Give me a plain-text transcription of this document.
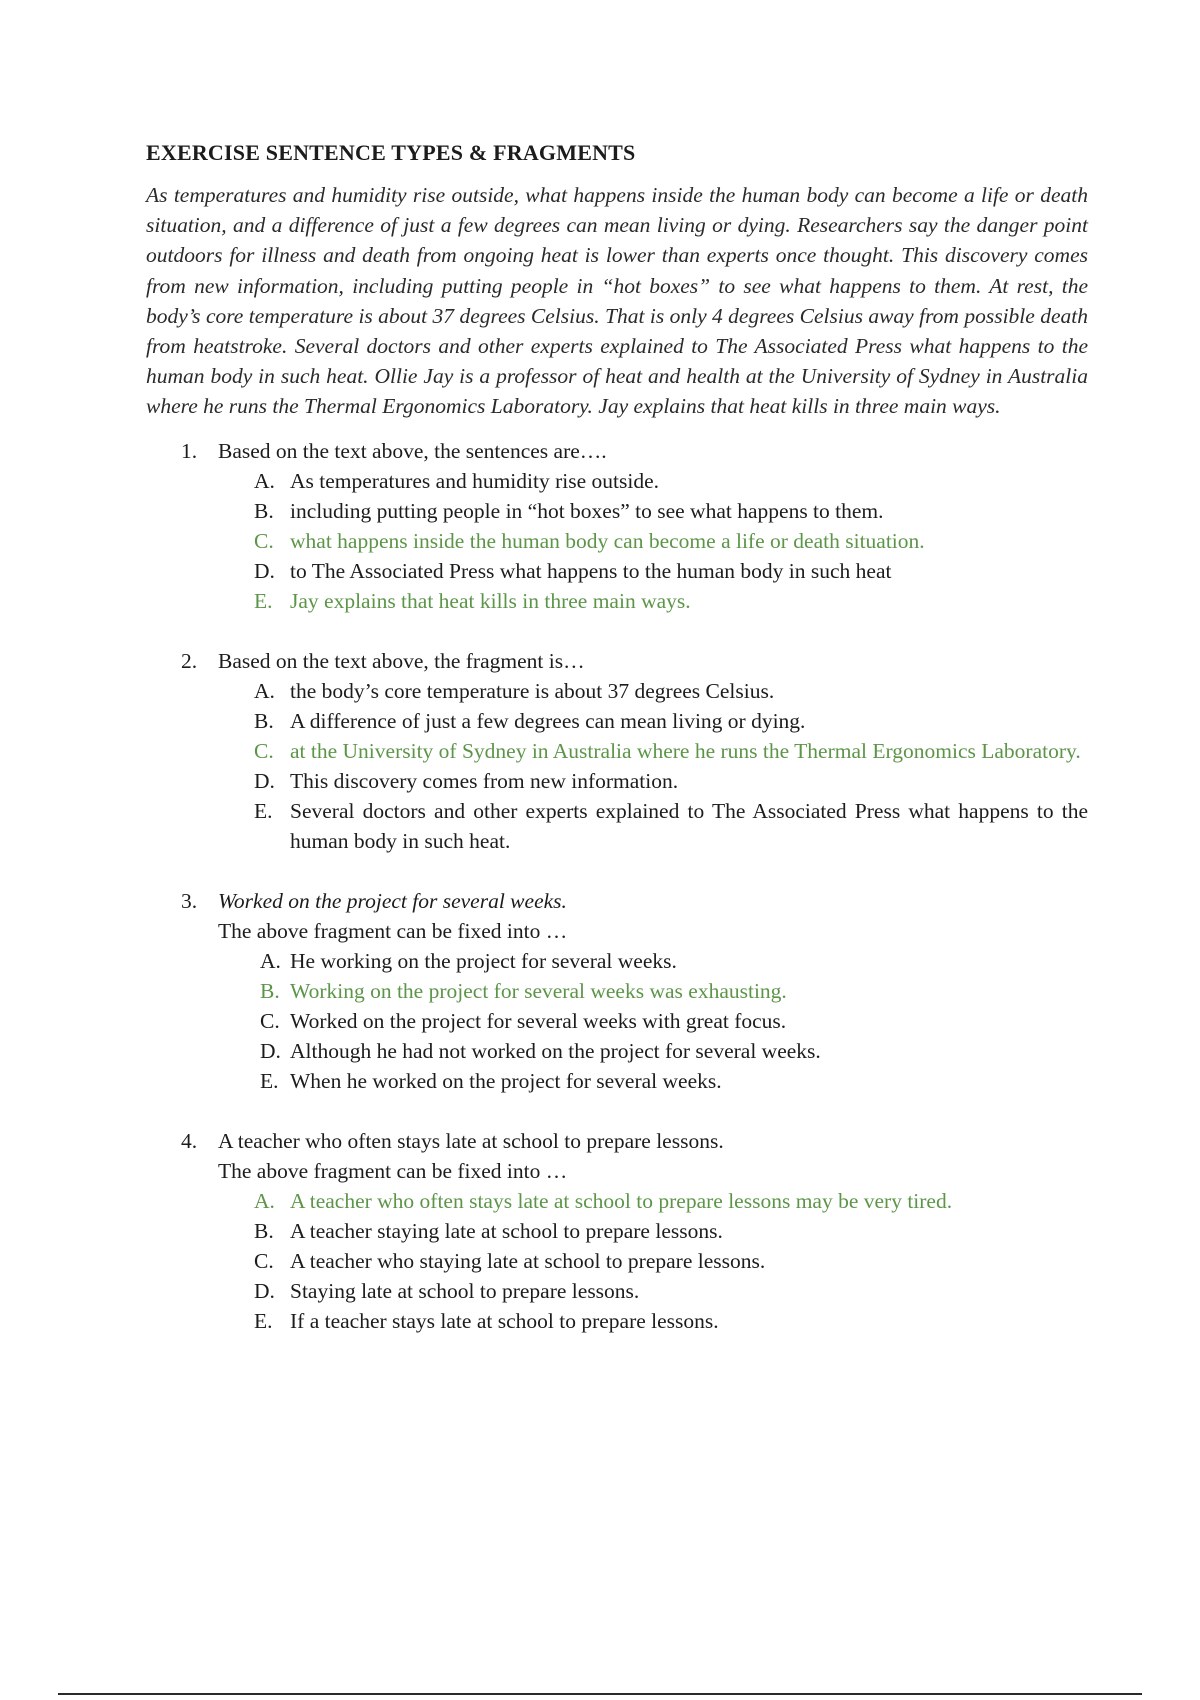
EXERCISE SENTENCE TYPES & FRAGMENTS
As temperatures and humidity rise outside, what happens inside the human body can become a life or death situation, and a difference of just a few degrees can mean living or dying. Researchers say the danger point outdoors for illness and death from ongoing heat is lower than experts once thought. This discovery comes from new information, including putting people in “hot boxes” to see what happens to them. At rest, the body’s core temperature is about 37 degrees Celsius. That is only 4 degrees Celsius away from possible death from heatstroke. Several doctors and other experts explained to The Associated Press what happens to the human body in such heat. Ollie Jay is a professor of heat and health at the University of Sydney in Australia where he runs the Thermal Ergonomics Laboratory. Jay explains that heat kills in three main ways.
1. Based on the text above, the sentences are….
A. As temperatures and humidity rise outside.
B. including putting people in “hot boxes” to see what happens to them.
C. what happens inside the human body can become a life or death situation.
D. to The Associated Press what happens to the human body in such heat
E. Jay explains that heat kills in three main ways.
2. Based on the text above, the fragment is…
A. the body’s core temperature is about 37 degrees Celsius.
B. A difference of just a few degrees can mean living or dying.
C. at the University of Sydney in Australia where he runs the Thermal Ergonomics Laboratory.
D. This discovery comes from new information.
E. Several doctors and other experts explained to The Associated Press what happens to the human body in such heat.
3. Worked on the project for several weeks.
The above fragment can be fixed into …
A. He working on the project for several weeks.
B. Working on the project for several weeks was exhausting.
C. Worked on the project for several weeks with great focus.
D. Although he had not worked on the project for several weeks.
E. When he worked on the project for several weeks.
4. A teacher who often stays late at school to prepare lessons.
The above fragment can be fixed into …
A. A teacher who often stays late at school to prepare lessons may be very tired.
B. A teacher staying late at school to prepare lessons.
C. A teacher who staying late at school to prepare lessons.
D. Staying late at school to prepare lessons.
E. If a teacher stays late at school to prepare lessons.
